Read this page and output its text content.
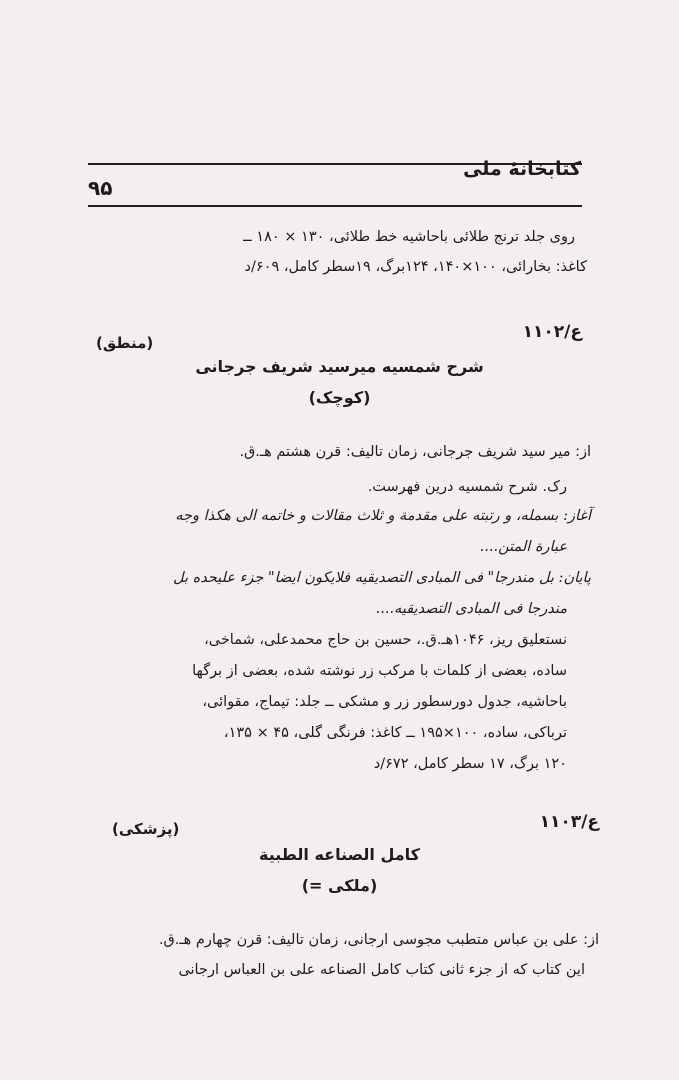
کتابخانهٔ ملی
۹۵
روی جلد ترنج طلائی باحاشیه خط طلائی، ۱۳۰ × ۱۸۰ ــ
کاغذ: بخارائی، ۱۰۰×۱۴۰، ۱۲۴برگ، ۱۹سطر کامل، ۶۰۹/د
۱۱۰۲/ع
(منطق)
شرح شمسیه میرسید شریف جرجانی
(کوچک)
از: میر سید شریف جرجانی، زمان تالیف: قرن هشتم هـ.ق.
رک. شرح شمسیه درین فهرست.
آغاز: بسمله، و رتبته علی مقدمة و ثلاث مقالات و خاتمه الی هکذا وجه
عبارة المتن....
پایان: بل مندرجا" فی المبادی التصدیقیه فلایکون ایضا" جزء علیحده بل
مندرجا فی المبادی التصدیقیه....
نستعلیق ریز، ۱۰۴۶هـ.ق.، حسین بن حاج محمدعلی، شماخی،
ساده، بعضی از کلمات با مرکب زر نوشته شده، بعضی از برگها
باحاشیه، جدول دورسطور زر و مشکی ــ جلد: تیماج، مقوائی،
ترباکی، ساده، ۱۰۰×۱۹۵ ــ کاغذ: فرنگی گلی، ۴۵ × ۱۳۵،
۱۲۰ برگ، ۱۷ سطر کامل، ۶۷۲/د
۱۱۰۳/ع
(پزشکی)
کامل الصناعه الطبیة
(= ملکی)
از: علی بن عباس متطبب مجوسی ارجانی، زمان تالیف: قرن چهارم هـ.ق.
این کتاب که از جزء ثانی کتاب کامل الصناعه علی بن العباس ارجانی
